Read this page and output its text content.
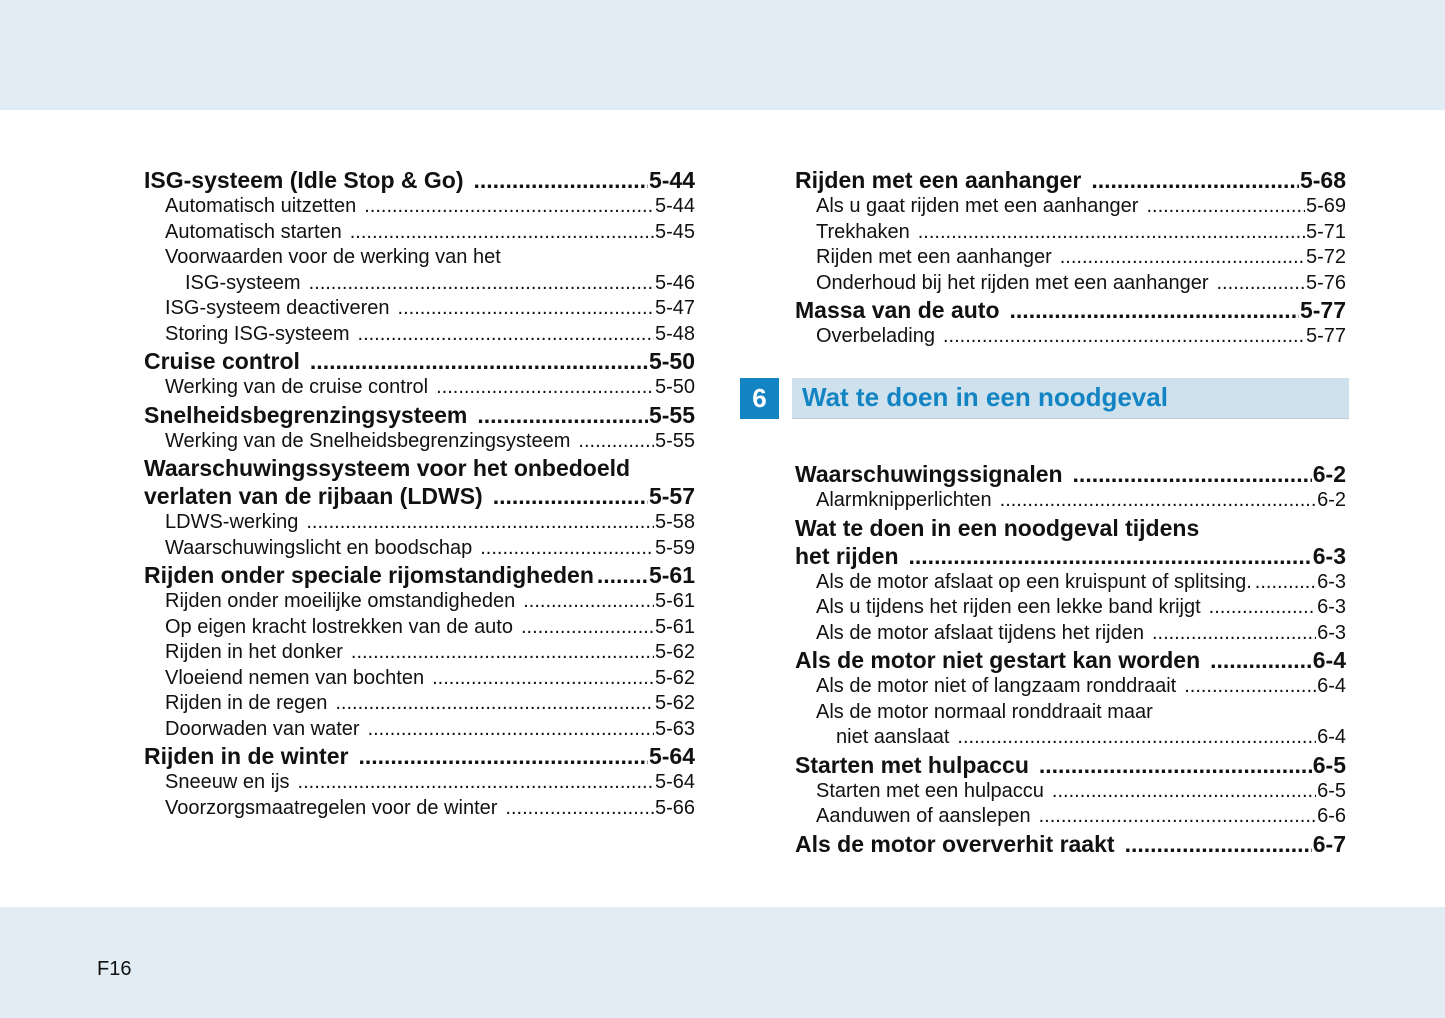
F16
ISG-systeem (Idle Stop & Go) .....	5-44
Automatisch uitzetten .....	5-44
Automatisch starten .....	5-45
Voorwaarden voor de werking van het
ISG-systeem .....	5-46
ISG-systeem deactiveren .....	5-47
Storing ISG-systeem .....	5-48
Cruise control .....	5-50
Werking van de cruise control .....	5-50
Snelheidsbegrenzingsysteem .....	5-55
Werking van de Snelheidsbegrenzingsysteem .....	5-55
Waarschuwingssysteem voor het onbedoeld
verlaten van de rijbaan (LDWS) .....	5-57
LDWS-werking .....	5-58
Waarschuwingslicht en boodschap .....	5-59
Rijden onder speciale rijomstandigheden ..... 5-61
Rijden onder moeilijke omstandigheden .....	5-61
Op eigen kracht lostrekken van de auto .....	5-61
Rijden in het donker .....	5-62
Vloeiend nemen van bochten .....	5-62
Rijden in de regen .....	5-62
Doorwaden van water .....	5-63
Rijden in de winter .....	5-64
Sneeuw en ijs .....	5-64
Voorzorgsmaatregelen voor de winter .....	5-66
Rijden met een aanhanger .....	5-68
Als u gaat rijden met een aanhanger .....	5-69
Trekhaken .....	5-71
Rijden met een aanhanger .....	5-72
Onderhoud bij het rijden met een aanhanger .....	5-76
Massa van de auto .....	5-77
Overbelading .....	5-77
6	Wat te doen in een noodgeval
Waarschuwingssignalen .....	6-2
Alarmknipperlichten .....	6-2
Wat te doen in een noodgeval tijdens
het rijden .....	6-3
Als de motor afslaat op een kruispunt of splitsing. .....	6-3
Als u tijdens het rijden een lekke band krijgt .....	6-3
Als de motor afslaat tijdens het rijden .....	6-3
Als de motor niet gestart kan worden .....	6-4
Als de motor niet of langzaam ronddraait .....	6-4
Als de motor normaal ronddraait maar
niet aanslaat .....	6-4
Starten met hulpaccu .....	6-5
Starten met een hulpaccu .....	6-5
Aanduwen of aanslepen .....	6-6
Als de motor oververhit raakt .....	6-7
